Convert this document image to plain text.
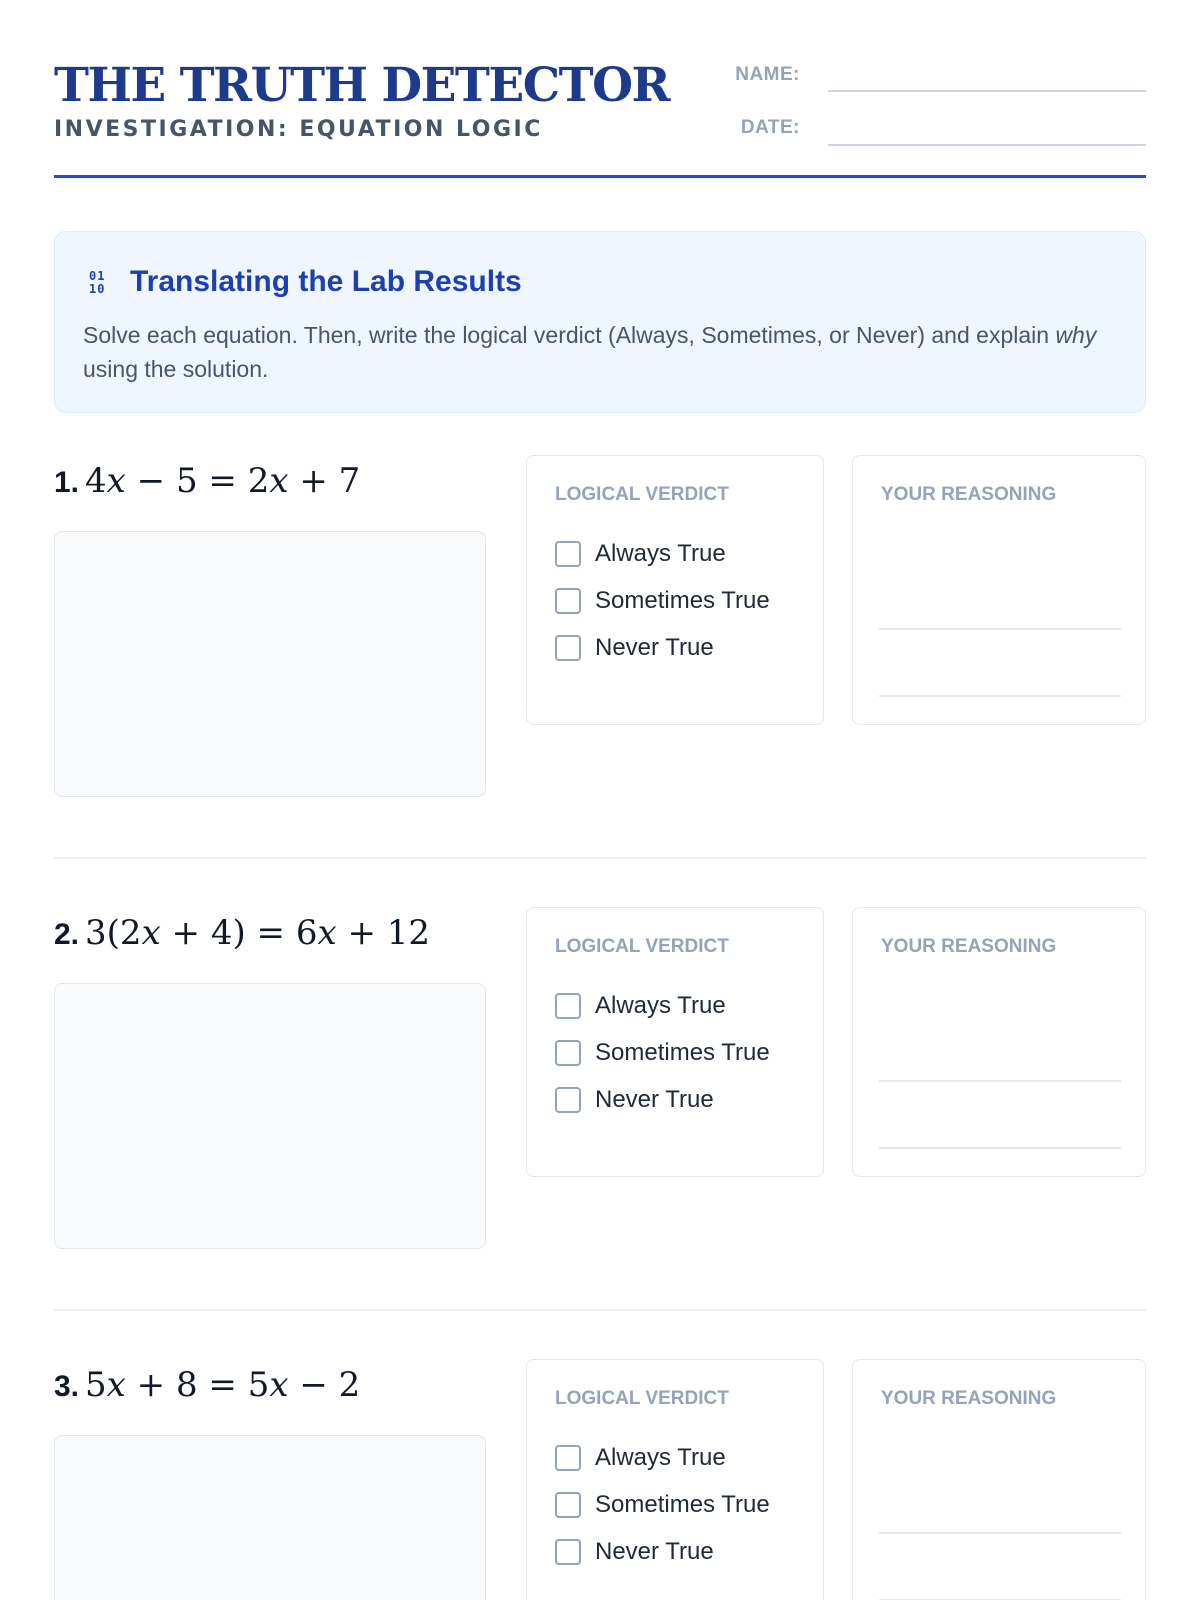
THE TRUTH DETECTOR
INVESTIGATION: EQUATION LOGIC
NAME:
DATE:
01
10 Translating the Lab Results
Solve each equation. Then, write the logical verdict (Always, Sometimes, or Never) and explain why using the solution.
1. 4x − 5 = 2x + 7	LOGICAL VERDICT
Always True
Sometimes True
Never True
YOUR REASONING
2. 3(2x + 4) = 6x + 12	LOGICAL VERDICT
Always True
Sometimes True
Never True
YOUR REASONING
3. 5x + 8 = 5x − 2	LOGICAL VERDICT
Always True
Sometimes True
Never True
YOUR REASONING
